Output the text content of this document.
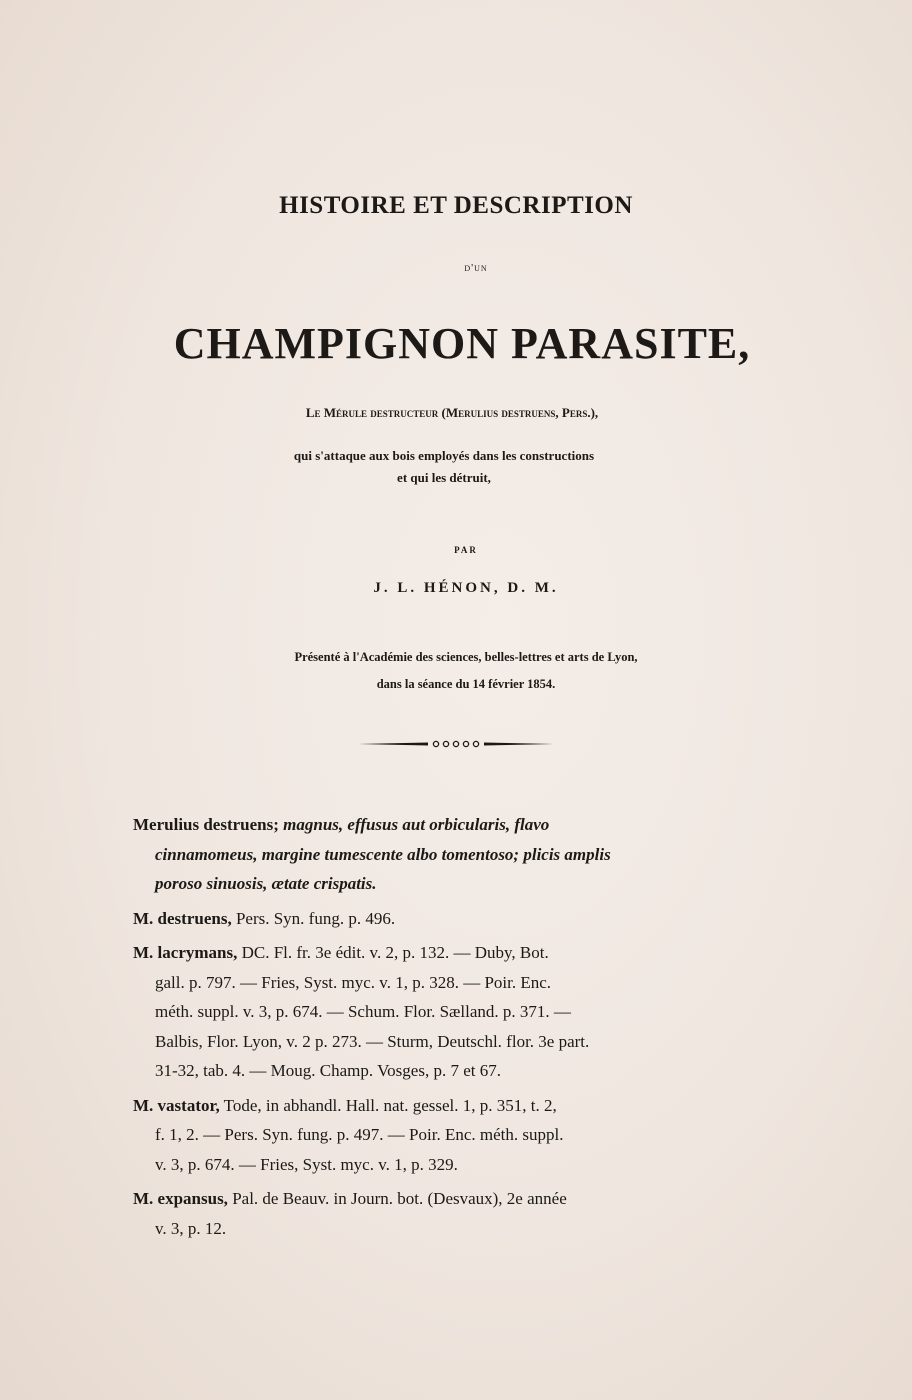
HISTOIRE ET DESCRIPTION
d'un
CHAMPIGNON PARASITE,
Le Mérule destructeur (Merulius destruens, Pers.),
qui s'attaque aux bois employés dans les constructions
et qui les détruit,
PAR
J. L. HÉNON, D. M.
Présenté à l'Académie des sciences, belles-lettres et arts de Lyon,
dans la séance du 14 février 1854.
Merulius destruens; magnus, effusus aut orbicularis, flavo
cinnamomeus, margine tumescente albo tomentoso; plicis amplis
poroso sinuosis, ætate crispatis.
M. destruens, Pers. Syn. fung. p. 496.
M. lacrymans, DC. Fl. fr. 3e édit. v. 2, p. 132. — Duby, Bot.
gall. p. 797. — Fries, Syst. myc. v. 1, p. 328. — Poir. Enc.
méth. suppl. v. 3, p. 674. — Schum. Flor. Sælland. p. 371. —
Balbis, Flor. Lyon, v. 2 p. 273. — Sturm, Deutschl. flor. 3e part.
31-32, tab. 4. — Moug. Champ. Vosges, p. 7 et 67.
M. vastator, Tode, in abhandl. Hall. nat. gessel. 1, p. 351, t. 2,
f. 1, 2. — Pers. Syn. fung. p. 497. — Poir. Enc. méth. suppl.
v. 3, p. 674. — Fries, Syst. myc. v. 1, p. 329.
M. expansus, Pal. de Beauv. in Journ. bot. (Desvaux), 2e année
v. 3, p. 12.
